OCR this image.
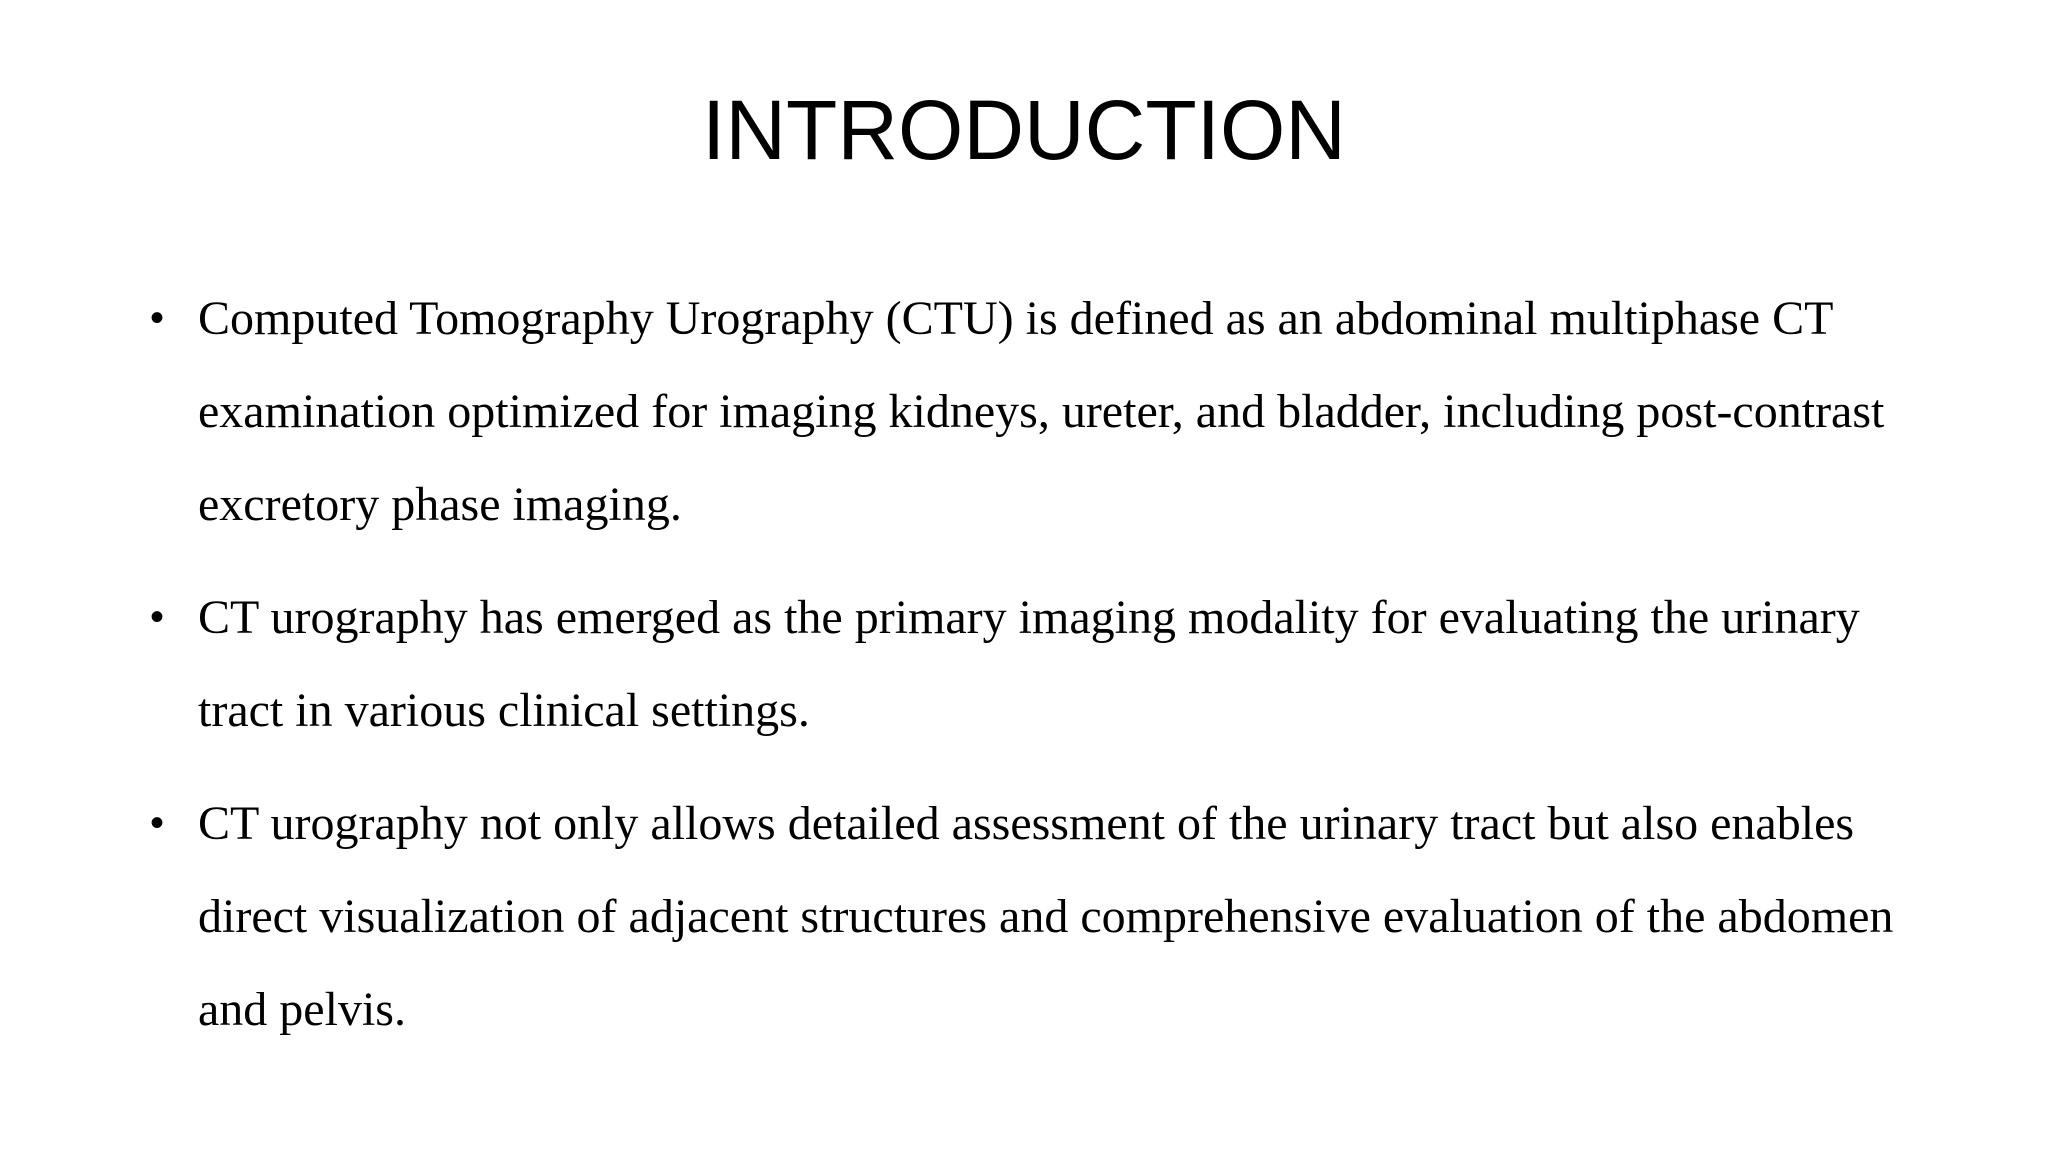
INTRODUCTION
• Computed Tomography Urography (CTU) is defined as an abdominal multiphase CT examination optimized for imaging kidneys, ureter, and bladder, including post-contrast excretory phase imaging.
• CT urography has emerged as the primary imaging modality for evaluating the urinary tract in various clinical settings.
• CT urography not only allows detailed assessment of the urinary tract but also enables direct visualization of adjacent structures and comprehensive evaluation of the abdomen and pelvis.
